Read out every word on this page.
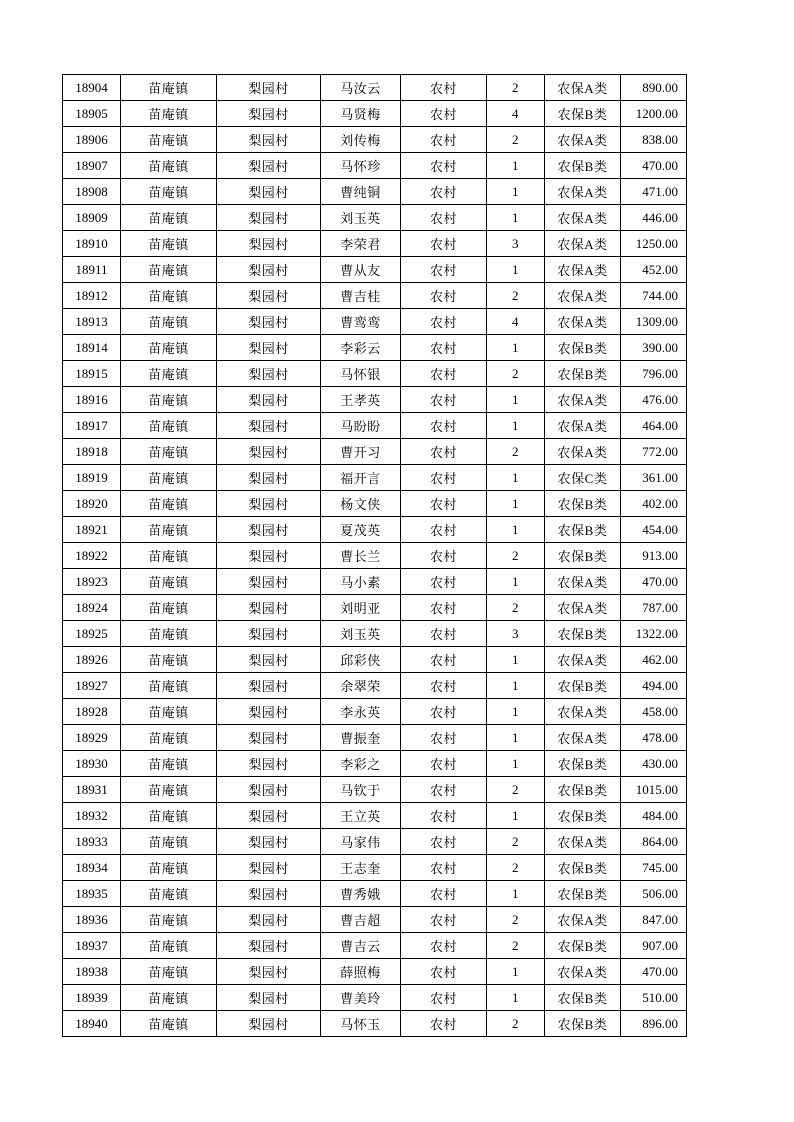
18904	苗庵镇	梨园村	马汝云	农村	2	农保A类	890.00
18905	苗庵镇	梨园村	马贤梅	农村	4	农保B类	1200.00
18906	苗庵镇	梨园村	刘传梅	农村	2	农保A类	838.00
18907	苗庵镇	梨园村	马怀珍	农村	1	农保B类	470.00
18908	苗庵镇	梨园村	曹纯铜	农村	1	农保A类	471.00
18909	苗庵镇	梨园村	刘玉英	农村	1	农保A类	446.00
18910	苗庵镇	梨园村	李荣君	农村	3	农保A类	1250.00
18911	苗庵镇	梨园村	曹从友	农村	1	农保A类	452.00
18912	苗庵镇	梨园村	曹吉桂	农村	2	农保A类	744.00
18913	苗庵镇	梨园村	曹鸾鸾	农村	4	农保A类	1309.00
18914	苗庵镇	梨园村	李彩云	农村	1	农保B类	390.00
18915	苗庵镇	梨园村	马怀银	农村	2	农保B类	796.00
18916	苗庵镇	梨园村	王孝英	农村	1	农保A类	476.00
18917	苗庵镇	梨园村	马盼盼	农村	1	农保A类	464.00
18918	苗庵镇	梨园村	曹开习	农村	2	农保A类	772.00
18919	苗庵镇	梨园村	福开言	农村	1	农保C类	361.00
18920	苗庵镇	梨园村	杨文侠	农村	1	农保B类	402.00
18921	苗庵镇	梨园村	夏茂英	农村	1	农保B类	454.00
18922	苗庵镇	梨园村	曹长兰	农村	2	农保B类	913.00
18923	苗庵镇	梨园村	马小素	农村	1	农保A类	470.00
18924	苗庵镇	梨园村	刘明亚	农村	2	农保A类	787.00
18925	苗庵镇	梨园村	刘玉英	农村	3	农保B类	1322.00
18926	苗庵镇	梨园村	邱彩侠	农村	1	农保A类	462.00
18927	苗庵镇	梨园村	余翠荣	农村	1	农保B类	494.00
18928	苗庵镇	梨园村	李永英	农村	1	农保A类	458.00
18929	苗庵镇	梨园村	曹振奎	农村	1	农保A类	478.00
18930	苗庵镇	梨园村	李彩之	农村	1	农保B类	430.00
18931	苗庵镇	梨园村	马钦于	农村	2	农保B类	1015.00
18932	苗庵镇	梨园村	王立英	农村	1	农保B类	484.00
18933	苗庵镇	梨园村	马家伟	农村	2	农保A类	864.00
18934	苗庵镇	梨园村	王志奎	农村	2	农保B类	745.00
18935	苗庵镇	梨园村	曹秀娥	农村	1	农保B类	506.00
18936	苗庵镇	梨园村	曹吉超	农村	2	农保A类	847.00
18937	苗庵镇	梨园村	曹吉云	农村	2	农保B类	907.00
18938	苗庵镇	梨园村	薛照梅	农村	1	农保A类	470.00
18939	苗庵镇	梨园村	曹美玲	农村	1	农保B类	510.00
18940	苗庵镇	梨园村	马怀玉	农村	2	农保B类	896.00
